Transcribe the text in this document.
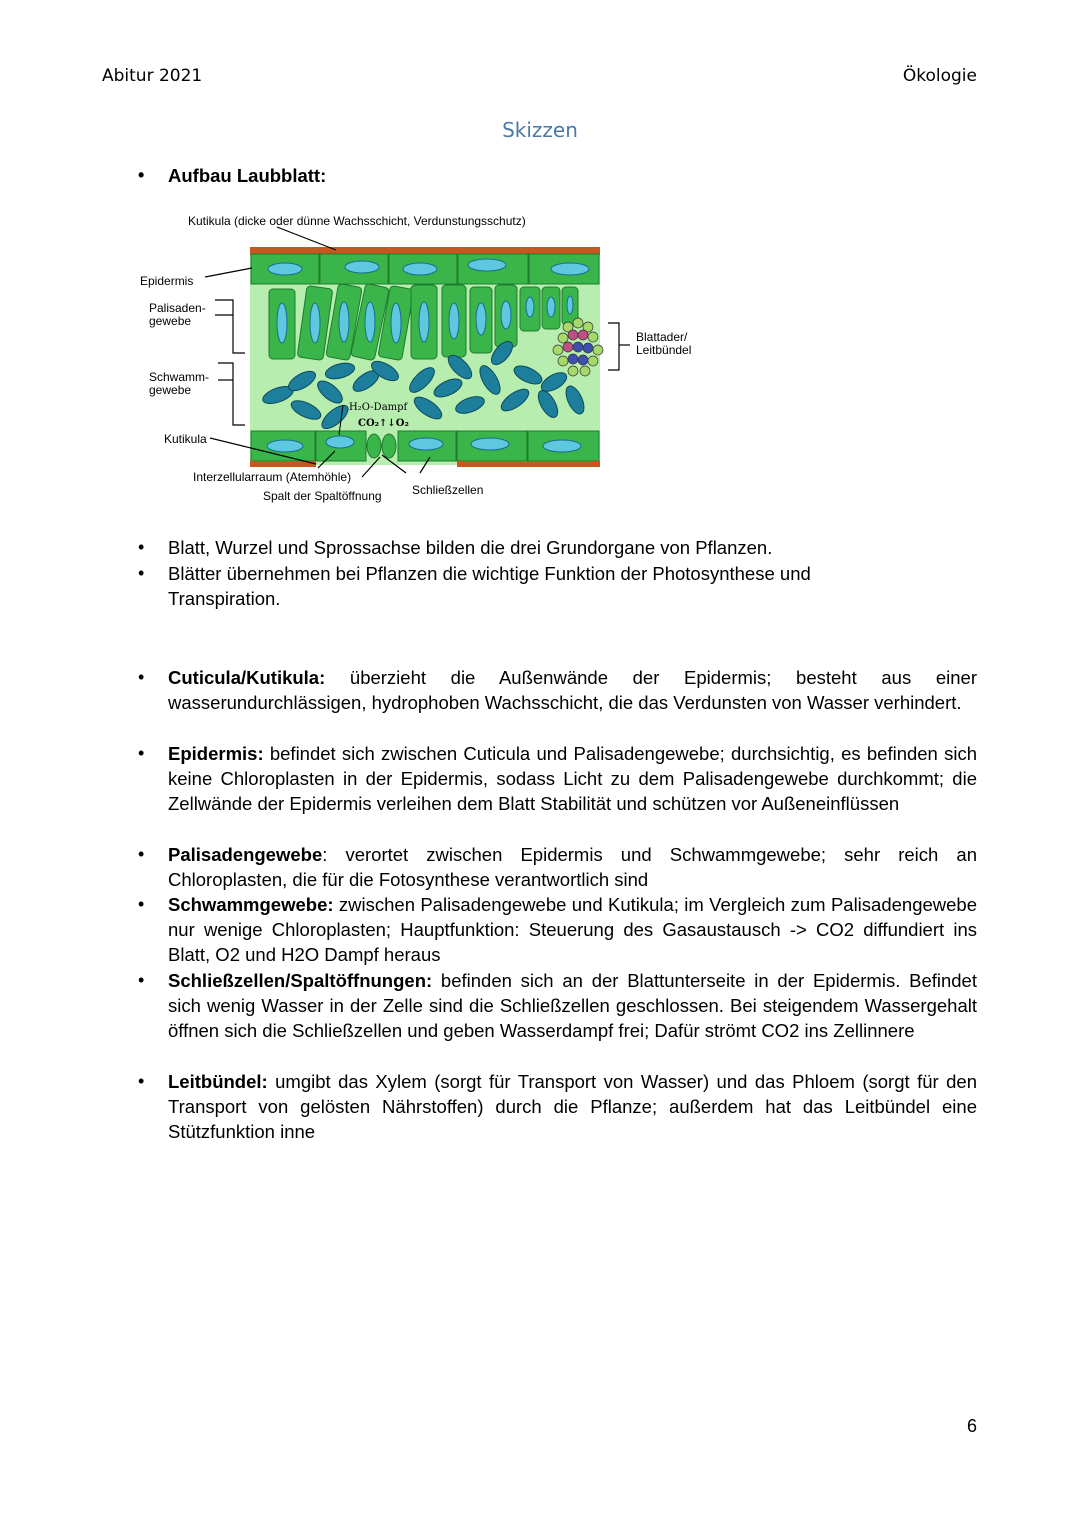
Abitur 2021	Ökologie
Skizzen
• Aufbau Laubblatt:
Kutikula (dicke oder dünne Wachsschicht, Verdunstungsschutz)
Epidermis
Palisaden-
gewebe
Schwamm-
gewebe
Kutikula
Interzellularraum (Atemhöhle)
Spalt der Spaltöffnung	Schließzellen
Blattader/
Leitbündel
H₂O-Dampf
CO₂↑↓O₂
• Blatt, Wurzel und Sprossachse bilden die drei Grundorgane von Pflanzen.
• Blätter übernehmen bei Pflanzen die wichtige Funktion der Photosynthese und Transpiration.
• Cuticula/Kutikula: überzieht die Außenwände der Epidermis; besteht aus einer wasserundurchlässigen, hydrophoben Wachsschicht, die das Verdunsten von Wasser verhindert.
• Epidermis: befindet sich zwischen Cuticula und Palisadengewebe; durchsichtig, es befinden sich keine Chloroplasten in der Epidermis, sodass Licht zu dem Palisadengewebe durchkommt; die Zellwände der Epidermis verleihen dem Blatt Stabilität und schützen vor Außeneinflüssen
• Palisadengewebe: verortet zwischen Epidermis und Schwammgewebe; sehr reich an Chloroplasten, die für die Fotosynthese verantwortlich sind
• Schwammgewebe: zwischen Palisadengewebe und Kutikula; im Vergleich zum Palisadengewebe nur wenige Chloroplasten; Hauptfunktion: Steuerung des Gasaustausch -> CO2 diffundiert ins Blatt, O2 und H2O Dampf heraus
• Schließzellen/Spaltöffnungen: befinden sich an der Blattunterseite in der Epidermis. Befindet sich wenig Wasser in der Zelle sind die Schließzellen geschlossen. Bei steigendem Wassergehalt öffnen sich die Schließzellen und geben Wasserdampf frei; Dafür strömt CO2 ins Zellinnere
• Leitbündel: umgibt das Xylem (sorgt für Transport von Wasser) und das Phloem (sorgt für den Transport von gelösten Nährstoffen) durch die Pflanze; außerdem hat das Leitbündel eine Stützfunktion inne
6
